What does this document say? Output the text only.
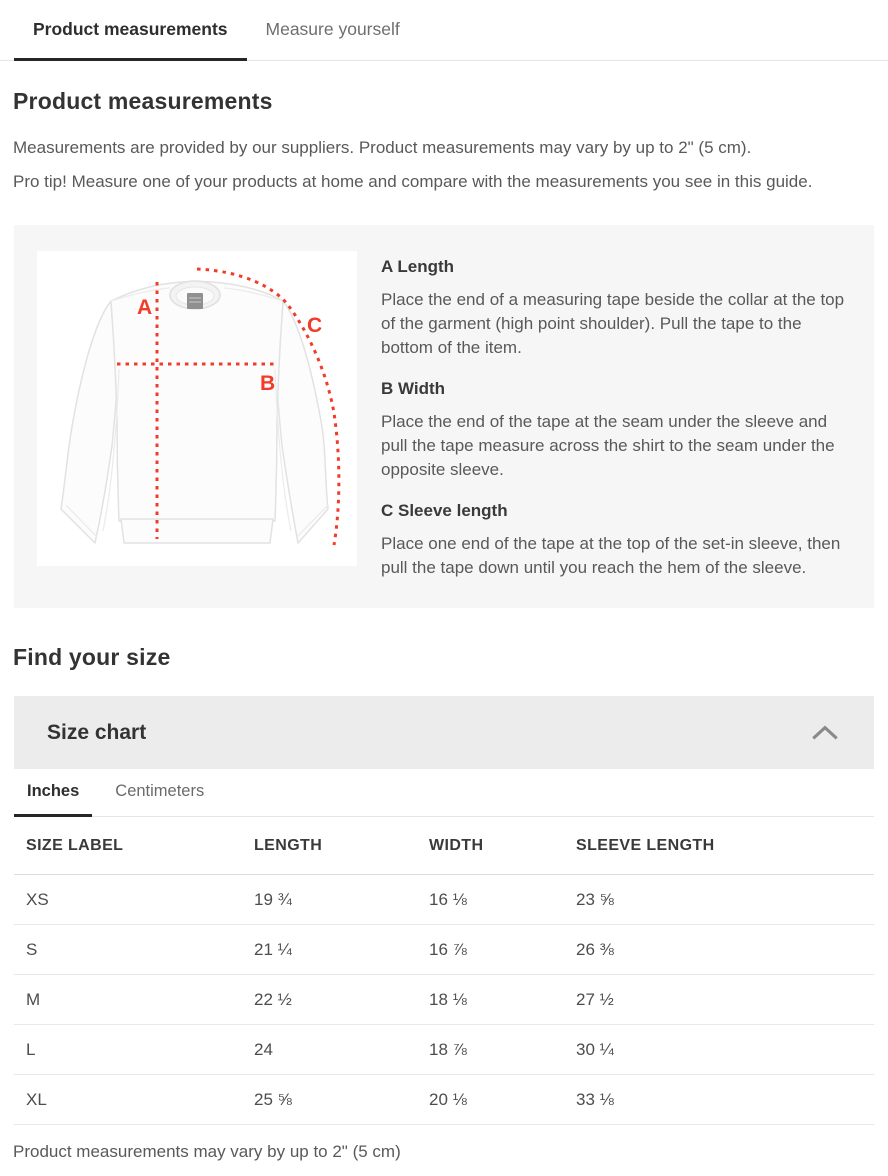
Product measurements	Measure yourself
Product measurements

Measurements are provided by our suppliers. Product measurements may vary by up to 2" (5 cm).

Pro tip! Measure one of your products at home and compare with the measurements you see in this guide.

A
B
C
A Length
Place the end of a measuring tape beside the collar at the top of the garment (high point shoulder). Pull the tape to the bottom of the item.
B Width
Place the end of the tape at the seam under the sleeve and pull the tape measure across the shirt to the seam under the opposite sleeve.
C Sleeve length
Place one end of the tape at the top of the set-in sleeve, then pull the tape down until you reach the hem of the sleeve.
Find your size
Size chart
Inches	Centimeters
SIZE LABEL	LENGTH	WIDTH	SLEEVE LENGTH
XS	19 ¾	16 ⅛	23 ⅝
S	21 ¼	16 ⅞	26 ⅜
M	22 ½	18 ⅛	27 ½
L	24	18 ⅞	30 ¼
XL	25 ⅝	20 ⅛	33 ⅛

Product measurements may vary by up to 2" (5 cm)
